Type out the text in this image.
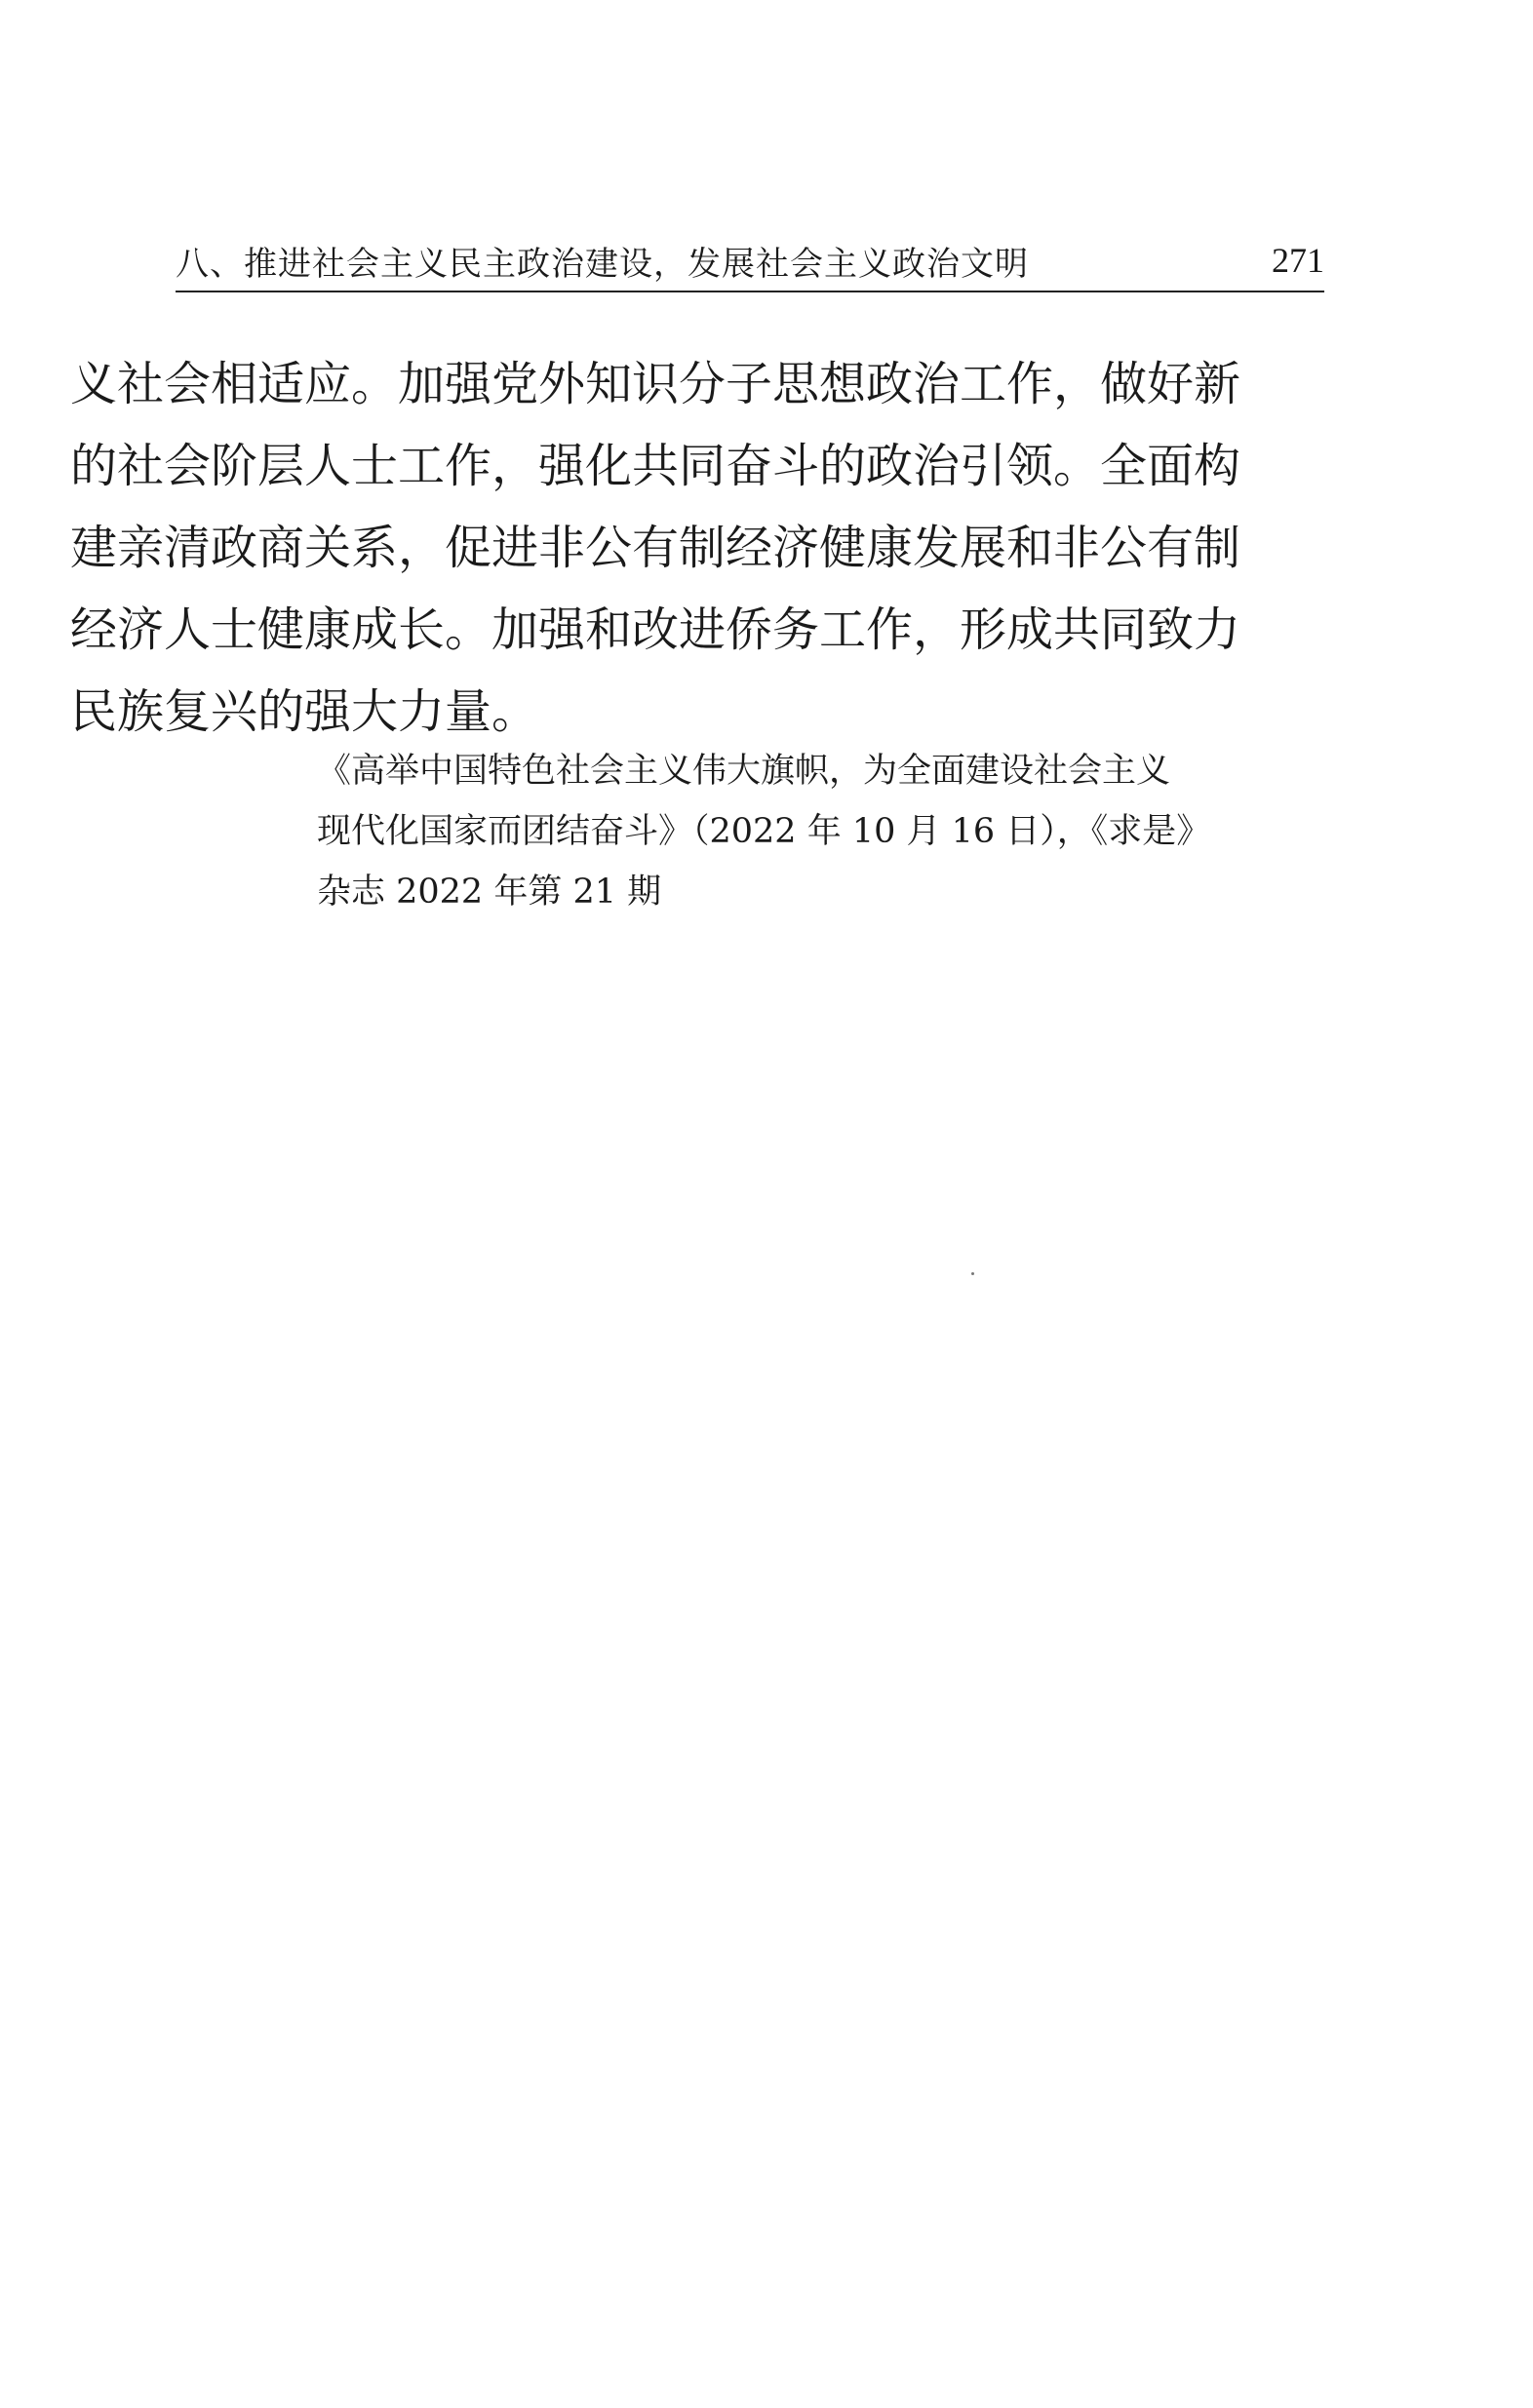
八、推进社会主义民主政治建设，发展社会主义政治文明	271
义社会相适应。加强党外知识分子思想政治工作，做好新
的社会阶层人士工作，强化共同奋斗的政治引领。全面构
建亲清政商关系，促进非公有制经济健康发展和非公有制
经济人士健康成长。加强和改进侨务工作，形成共同致力
民族复兴的强大力量。
《高举中国特色社会主义伟大旗帜，为全面建设社会主义
现代化国家而团结奋斗》（2022 年 10 月 16 日），《求是》
杂志 2022 年第 21 期
